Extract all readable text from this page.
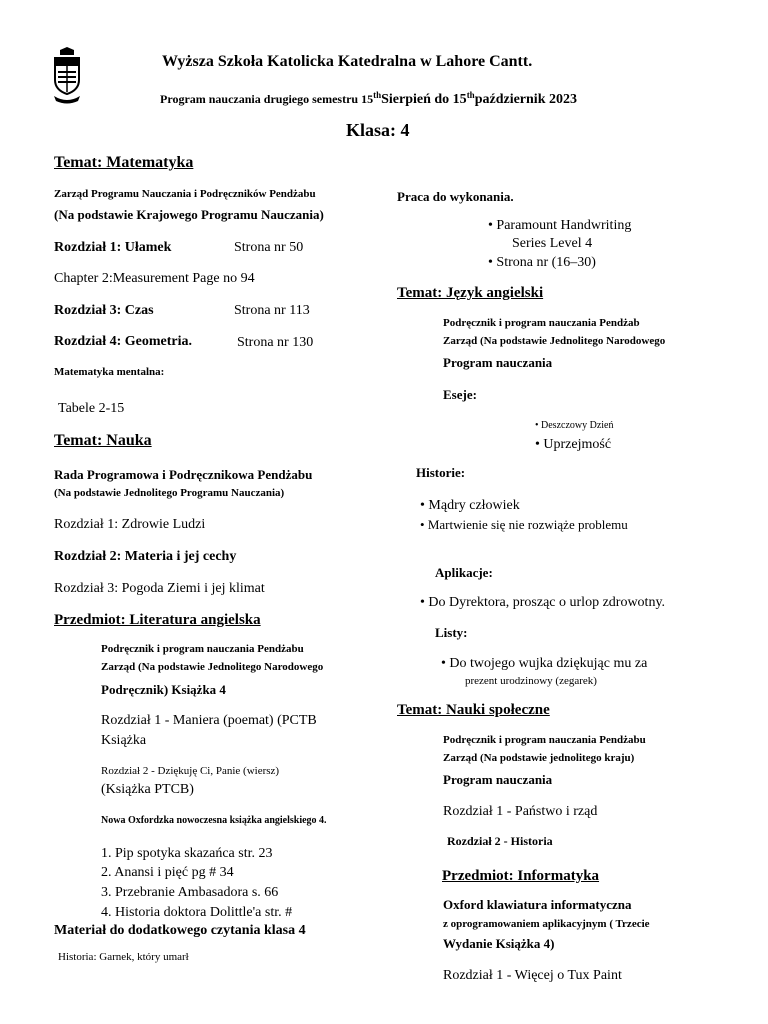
Wyższa Szkoła Katolicka Katedralna w Lahore Cantt.
Program nauczania drugiego semestru 15thSierpień do 15thpaździernik 2023
Klasa: 4
Temat: Matematyka
Zarząd Programu Nauczania i Podręczników Pendżabu
(Na podstawie Krajowego Programu Nauczania)
Rozdział 1: Ułamek	Strona nr 50
Chapter 2:Measurement Page no 94
Rozdział 3: Czas	Strona nr 113
Rozdział 4: Geometria.	Strona nr 130
Matematyka mentalna:
Tabele 2-15
Temat: Nauka
Rada Programowa i Podręcznikowa Pendżabu
(Na podstawie Jednolitego Programu Nauczania)
Rozdział 1: Zdrowie Ludzi
Rozdział 2: Materia i jej cechy
Rozdział 3: Pogoda Ziemi i jej klimat
Przedmiot: Literatura angielska
Podręcznik i program nauczania Pendżabu
Zarząd (Na podstawie Jednolitego Narodowego
Podręcznik) Książka 4
Rozdział 1 - Maniera (poemat) (PCTB
Książka
Rozdział 2 - Dziękuję Ci, Panie (wiersz)
(Książka PTCB)
Nowa Oxfordzka nowoczesna książka angielskiego 4.
1. Pip spotyka skazańca str. 23
2. Anansi i pięć pg # 34
3. Przebranie Ambasadora s. 66
4. Historia doktora Dolittle'a str. #
Materiał do dodatkowego czytania klasa 4
Historia: Garnek, który umarł
Praca do wykonania.
• Paramount Handwriting
Series Level 4
• Strona nr (16–30)
Temat: Język angielski
Podręcznik i program nauczania Pendżab
Zarząd (Na podstawie Jednolitego Narodowego
Program nauczania
Eseje:
• Deszczowy Dzień
• Uprzejmość
Historie:
• Mądry człowiek
• Martwienie się nie rozwiąże problemu
Aplikacje:
• Do Dyrektora, prosząc o urlop zdrowotny.
Listy:
• Do twojego wujka dziękując mu za
prezent urodzinowy (zegarek)
Temat: Nauki społeczne
Podręcznik i program nauczania Pendżabu
Zarząd (Na podstawie jednolitego kraju)
Program nauczania
Rozdział 1 - Państwo i rząd
Rozdział 2 - Historia
Przedmiot: Informatyka
Oxford klawiatura informatyczna
z oprogramowaniem aplikacyjnym ( Trzecie
Wydanie Książka 4)
Rozdział 1 - Więcej o Tux Paint
